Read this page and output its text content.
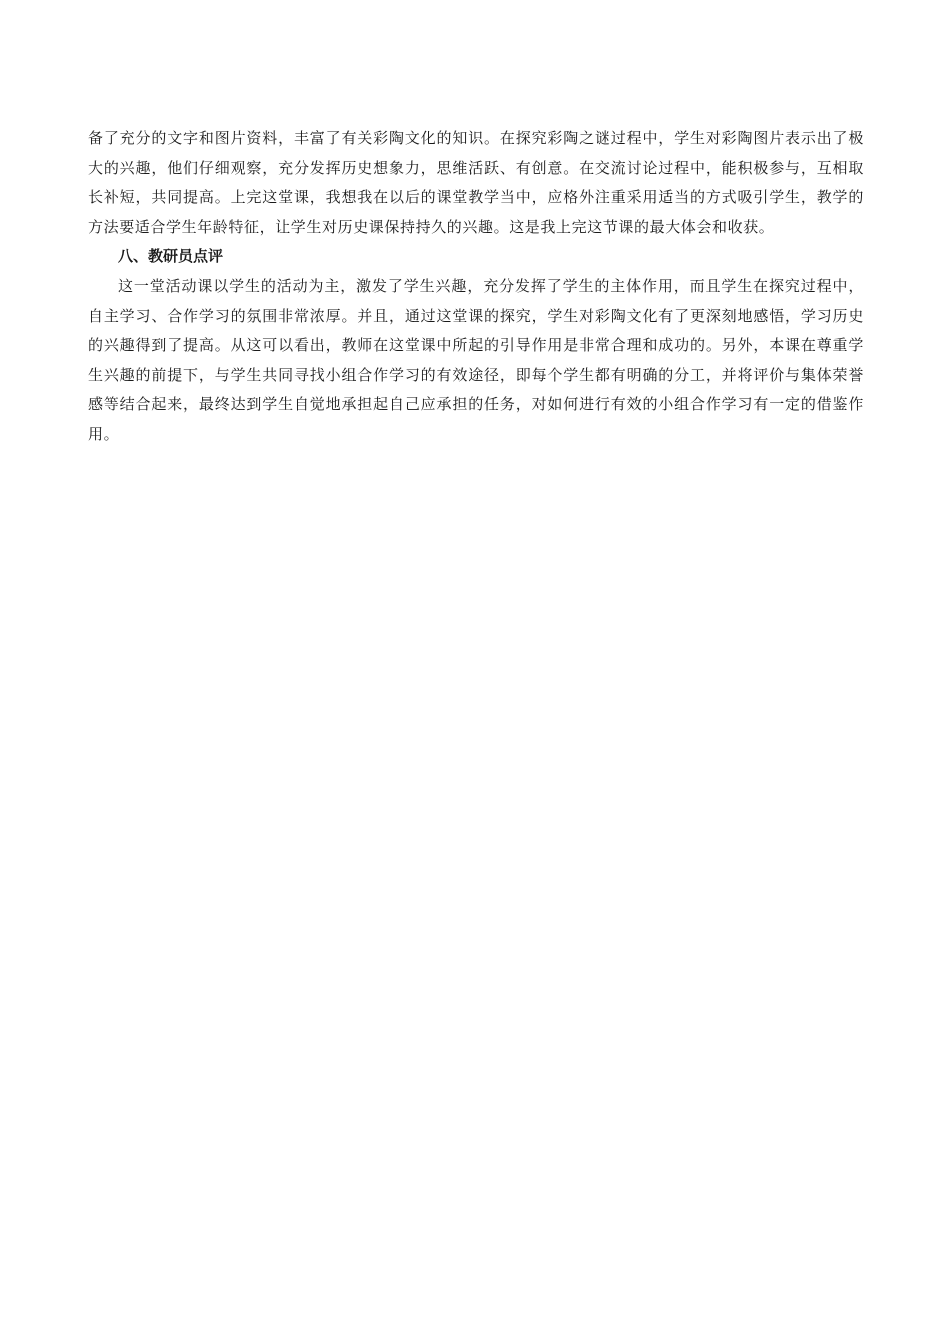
备了充分的文字和图片资料，丰富了有关彩陶文化的知识。在探究彩陶之谜过程中，学生对彩陶图片表示出了极大的兴趣，他们仔细观察，充分发挥历史想象力，思维活跃、有创意。在交流讨论过程中，能积极参与，互相取长补短，共同提高。上完这堂课，我想我在以后的课堂教学当中，应格外注重采用适当的方式吸引学生，教学的方法要适合学生年龄特征，让学生对历史课保持持久的兴趣。这是我上完这节课的最大体会和收获。

八、教研员点评

这一堂活动课以学生的活动为主，激发了学生兴趣，充分发挥了学生的主体作用，而且学生在探究过程中，自主学习、合作学习的氛围非常浓厚。并且，通过这堂课的探究，学生对彩陶文化有了更深刻地感悟，学习历史的兴趣得到了提高。从这可以看出，教师在这堂课中所起的引导作用是非常合理和成功的。另外，本课在尊重学生兴趣的前提下，与学生共同寻找小组合作学习的有效途径，即每个学生都有明确的分工，并将评价与集体荣誉感等结合起来，最终达到学生自觉地承担起自己应承担的任务，对如何进行有效的小组合作学习有一定的借鉴作用。
